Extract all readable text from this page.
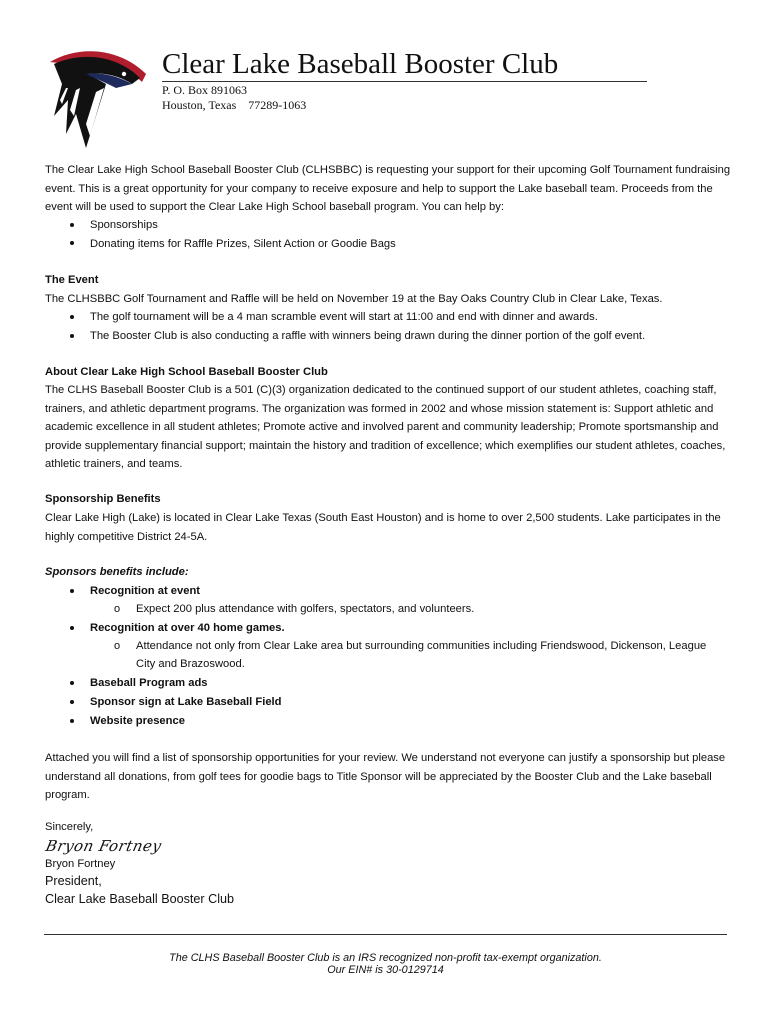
Clear Lake Baseball Booster Club
P. O. Box 891063
Houston, Texas    77289-1063
The Clear Lake High School Baseball Booster Club (CLHSBBC) is requesting your support for their upcoming Golf Tournament fundraising event. This is a great opportunity for your company to receive exposure and help to support the Lake baseball team. Proceeds from the event will be used to support the Clear Lake High School baseball program. You can help by:
Sponsorships
Donating items for Raffle Prizes, Silent Action or Goodie Bags
The Event
The CLHSBBC Golf Tournament and Raffle will be held on November 19 at the Bay Oaks Country Club in Clear Lake, Texas.
The golf tournament will be a 4 man scramble event will start at 11:00 and end with dinner and awards.
The Booster Club is also conducting a raffle with winners being drawn during the dinner portion of the golf event.
About Clear Lake High School Baseball Booster Club
The CLHS Baseball Booster Club is a 501 (C)(3) organization dedicated to the continued support of our student athletes, coaching staff, trainers, and athletic department programs. The organization was formed in 2002 and whose mission statement is: Support athletic and academic excellence in all student athletes; Promote active and involved parent and community leadership; Promote sportsmanship and provide supplementary financial support; maintain the history and tradition of excellence; which exemplifies our student athletes, coaches, athletic trainers, and teams.
Sponsorship Benefits
Clear Lake High (Lake) is located in Clear Lake Texas (South East Houston) and is home to over 2,500 students. Lake participates in the highly competitive District 24-5A.
Sponsors benefits include:
Recognition at event
o Expect 200 plus attendance with golfers, spectators, and volunteers.
Recognition at over 40 home games.
o Attendance not only from Clear Lake area but surrounding communities including Friendswood, Dickenson, League
City and Brazoswood.
Baseball Program ads
Sponsor sign at Lake Baseball Field
Website presence
Attached you will find a list of sponsorship opportunities for your review. We understand not everyone can justify a sponsorship but please understand all donations, from golf tees for goodie bags to Title Sponsor will be appreciated by the Booster Club and the Lake baseball program.
Sincerely,
Bryon Fortney
Bryon Fortney
President,
Clear Lake Baseball Booster Club
The CLHS Baseball Booster Club is an IRS recognized non-profit tax-exempt organization.
Our EIN# is 30-0129714
